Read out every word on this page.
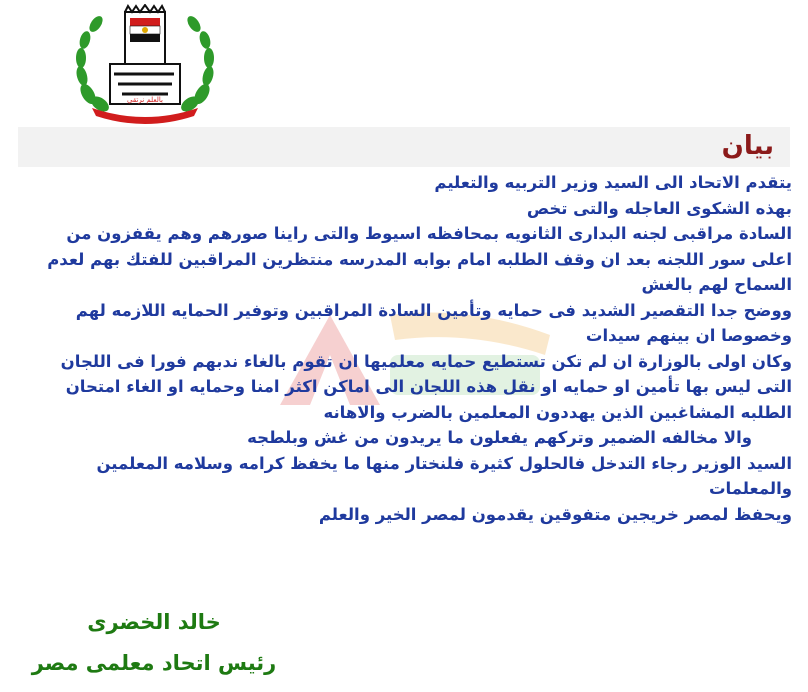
بالعلم نرتقي
بيان
يتقدم الاتحاد الى السيد وزير التربيه والتعليم
بهذه الشكوى العاجله والتى تخص
السادة مراقبى لجنه البدارى الثانويه بمحافظه اسيوط والتى راينا صورهم وهم يقفزون من اعلى سور اللجنه بعد ان وقف الطلبه امام بوابه المدرسه منتظرين المراقبين للفتك بهم لعدم السماح لهم بالغش
ووضح جدا التقصير الشديد فى حمايه وتأمين السادة المراقبين وتوفير الحمايه اللازمه لهم وخصوصا ان بينهم سيدات
وكان اولى بالوزارة ان لم تكن تستطيع حمايه معلميها ان تقوم بالغاء ندبهم فورا فى اللجان التى ليس بها تأمين او حمايه او نقل هذه اللجان الى اماكن اكثر امنا وحمايه او الغاء امتحان الطلبه المشاغبين الذين يهددون المعلمين بالضرب والاهانه
والا مخالفه الضمير وتركهم يفعلون ما يريدون من غش وبلطجه
السيد الوزير رجاء التدخل فالحلول كثيرة فلنختار منها ما يخفظ كرامه وسلامه المعلمين والمعلمات
ويحفظ لمصر خريجين متفوقين يقدمون لمصر الخير والعلم
خالد الخضرى
رئيس اتحاد معلمى مصر
